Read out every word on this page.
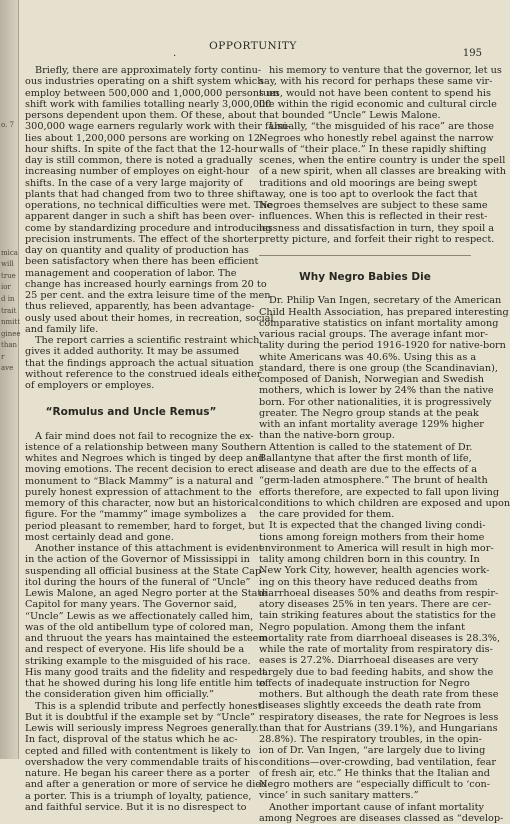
o. 7

mica
will
true
ior
d in
trait
nmitt
ginee
than
r
ave
.
OPPORTUNITY
195
Briefly, there are approximately forty continu-
ous industries operating on a shift system which
employ between 500,000 and 1,000,000 persons on
shift work with families totalling nearly 3,000,000
persons dependent upon them. Of these, about
300,000 wage earners regularly work with their fami-
lies about 1,200,000 persons are working on 12-
hour shifts. In spite of the fact that the 12-hour
day is still common, there is noted a gradually
increasing number of employes on eight-hour
shifts. In the case of a very large majority of
plants that had changed from two to three shift
operations, no technical difficulties were met. The
apparent danger in such a shift has been over-
come by standardizing procedure and introducing
precision instruments. The effect of the shorter
day on quantity and quality of production has
been satisfactory when there has been efficient
management and cooperation of labor. The
change has increased hourly earnings from 20 to
25 per cent. and the extra leisure time of the men
thus relieved, apparently, has been advantage-
ously used about their homes, in recreation, social
and family life.
The report carries a scientific restraint which
gives it added authority. It may be assumed
that the findings approach the actual situation
without reference to the construed ideals either
of employers or employes.
“Romulus and Uncle Remus”
A fair mind does not fail to recognize the ex-
istence of a relationship between many Southern
whites and Negroes which is tinged by deep and
moving emotions. The recent decision to erect a
monument to “Black Mammy” is a natural and
purely honest expression of attachment to the
memory of this character, now but an historical
figure. For the “mammy” image symbolizes a
period pleasant to remember, hard to forget, but
most certainly dead and gone.
Another instance of this attachment is evident
in the action of the Governor of Mississippi in
suspending all official business at the State Cap-
itol during the hours of the funeral of “Uncle”
Lewis Malone, an aged Negro porter at the State
Capitol for many years. The Governor said,
“Uncle” Lewis as we affectionately called him,
was of the old antibellum type of colored man,
and thruout the years has maintained the esteem
and respect of everyone. His life should be a
striking example to the misguided of his race.
His many good traits and the fidelity and respect
that he showed during his long life entitle him to
the consideration given him officially.”
This is a splendid tribute and perfectly honest.
But it is doubtful if the example set by “Uncle”
Lewis will seriously impress Negroes generally.
In fact, disproval of the status which he ac-
cepted and filled with contentment is likely to
overshadow the very commendable traits of his
nature. He began his career there as a porter
and after a generation or more of service he died
a porter. This is a triumph of loyalty, patience,
and faithful service. But it is no disrespect to
his memory to venture that the governor, let us
say, with his record for perhaps these same vir-
tues, would not have been content to spend his
life within the rigid economic and cultural circle
that bounded “Uncle” Lewis Malone.
Usually, “the misguided of his race” are those
Negroes who honestly rebel against the narrow
walls of “their place.” In these rapidly shifting
scenes, when the entire country is under the spell
of a new spirit, when all classes are breaking with
traditions and old moorings are being swept
away, one is too apt to overlook the fact that
Negroes themselves are subject to these same
influences. When this is reflected in their rest-
lessness and dissatisfaction in turn, they spoil a
pretty picture, and forfeit their right to respect.
Why Negro Babies Die
Dr. Philip Van Ingen, secretary of the American
Child Health Association, has prepared interesting
comparative statistics on infant mortality among
various racial groups. The average infant mor-
tality during the period 1916-1920 for native-born
white Americans was 40.6%. Using this as a
standard, there is one group (the Scandinavian),
composed of Danish, Norwegian and Swedish
mothers, which is lower by 24% than the native
born. For other nationalities, it is progressively
greater. The Negro group stands at the peak
with an infant mortality average 129% higher
than the native-born group.
Attention is called to the statement of Dr.
Ballantyne that after the first month of life,
disease and death are due to the effects of a
“germ-laden atmosphere.” The brunt of health
efforts therefore, are expected to fall upon living
conditions to which children are exposed and upon
the care provided for them.
It is expected that the changed living condi-
tions among foreign mothers from their home
environment to America will result in high mor-
tality among children born in this country. In
New York City, however, health agencies work-
ing on this theory have reduced deaths from
diarrhoeal diseases 50% and deaths from respir-
atory diseases 25% in ten years. There are cer-
tain striking features about the statistics for the
Negro population. Among them the infant
mortality rate from diarrhoeal diseases is 28.3%,
while the rate of mortality from respiratory dis-
eases is 27.2%. Diarrhoeal diseases are very
largely due to bad feeding habits, and show the
effects of inadequate instruction for Negro
mothers. But although the death rate from these
diseases slightly exceeds the death rate from
respiratory diseases, the rate for Negroes is less
than that for Austrians (39.1%), and Hungarians
28.8%). The respiratory troubles, in the opin-
ion of Dr. Van Ingen, “are largely due to living
conditions—over-crowding, bad ventilation, fear
of fresh air, etc.” He thinks that the Italian and
Negro mothers are “especially difficult to ‘con-
vince’ in such sanitary matters.”
Another important cause of infant mortality
among Negroes are diseases classed as “develop-
